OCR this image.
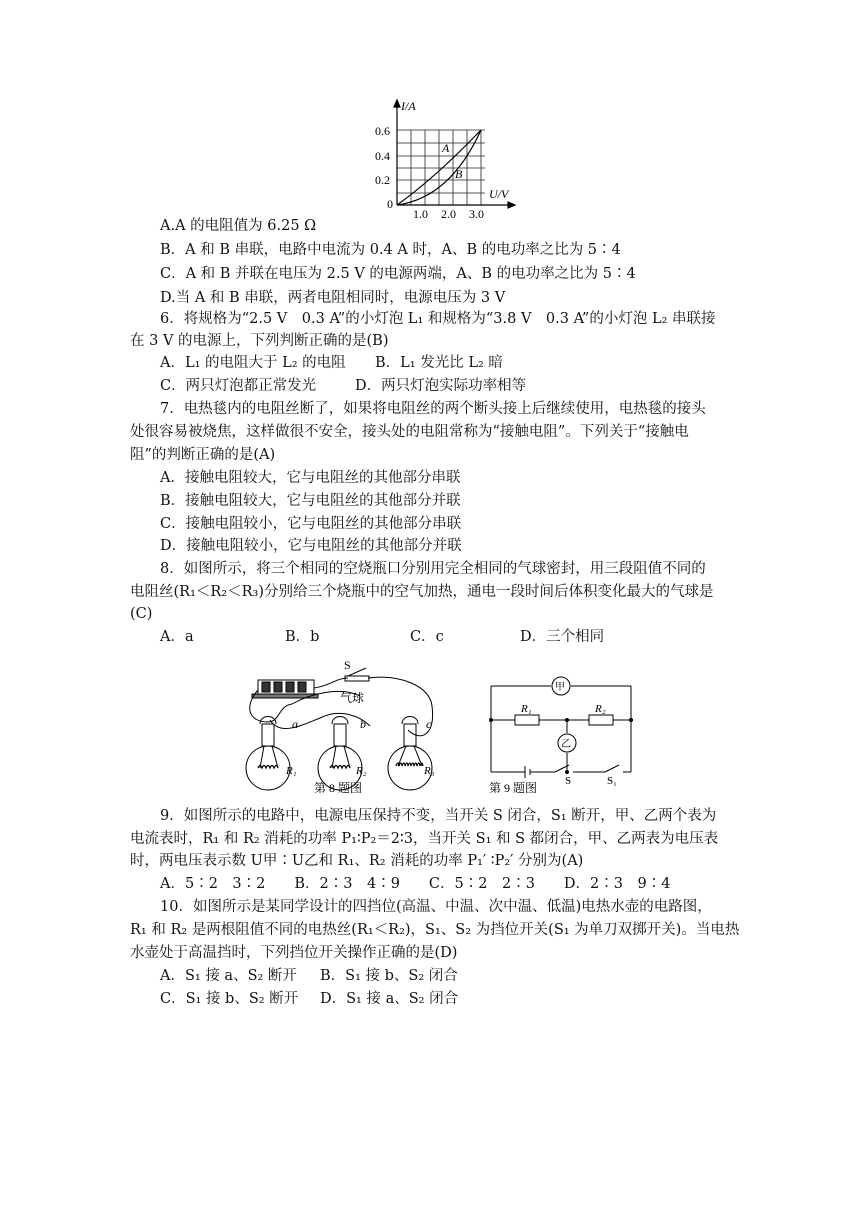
I/A
0.6
0.4
0.2
0
1.0 2.0 3.0
U/V
A
B
A.A 的电阻值为 6.25 Ω
B．A 和 B 串联，电路中电流为 0.4 A 时，A、B 的电功率之比为 5∶4
C．A 和 B 并联在电压为 2.5 V 的电源两端，A、B 的电功率之比为 5∶4
D.当 A 和 B 串联，两者电阻相同时，电源电压为 3 V
6．将规格为“2.5 V　0.3 A”的小灯泡 L₁ 和规格为“3.8 V　0.3 A”的小灯泡 L₂ 串联接
在 3 V 的电源上，下列判断正确的是(B)
A．L₁ 的电阻大于 L₂ 的电阻 B．L₁ 发光比 L₂ 暗
C．两只灯泡都正常发光	D．两只灯泡实际功率相等
7．电热毯内的电阻丝断了，如果将电阻丝的两个断头接上后继续使用，电热毯的接头
处很容易被烧焦，这样做很不安全，接头处的电阻常称为“接触电阻”。下列关于“接触电
阻”的判断正确的是(A)
A．接触电阻较大，它与电阻丝的其他部分串联
B．接触电阻较大，它与电阻丝的其他部分并联
C．接触电阻较小，它与电阻丝的其他部分串联
D．接触电阻较小，它与电阻丝的其他部分并联
8．如图所示，将三个相同的空烧瓶口分别用完全相同的气球密封，用三段阻值不同的
电阻丝(R₁＜R₂＜R₃)分别给三个烧瓶中的空气加热，通电一段时间后体积变化最大的气球是
(C)
A．a	B．b	C．c	D．三个相同
S
气球
a	b	c
R₁	R₂	R₃
第 8 题图
甲
乙
R₁	R₂
S	S₁
第 9 题图
9．如图所示的电路中，电源电压保持不变，当开关 S 闭合，S₁ 断开，甲、乙两个表为
电流表时，R₁ 和 R₂ 消耗的功率 P₁∶P₂＝2∶3，当开关 S₁ 和 S 都闭合，甲、乙两表为电压表
时，两电压表示数 U甲∶U乙和 R₁、R₂ 消耗的功率 P₁′ ∶P₂′ 分别为(A)
A．5∶2　3∶2　　B．2∶3　4∶9　　C．5∶2　2∶3　　D．2∶3　9∶4
10．如图所示是某同学设计的四挡位(高温、中温、次中温、低温)电热水壶的电路图，
R₁ 和 R₂ 是两根阻值不同的电热丝(R₁＜R₂)，S₁、S₂ 为挡位开关(S₁ 为单刀双掷开关)。当电热
水壶处于高温挡时，下列挡位开关操作正确的是(D)
A．S₁ 接 a、S₂ 断开 B．S₁ 接 b、S₂ 闭合
C．S₁ 接 b、S₂ 断开 D．S₁ 接 a、S₂ 闭合
